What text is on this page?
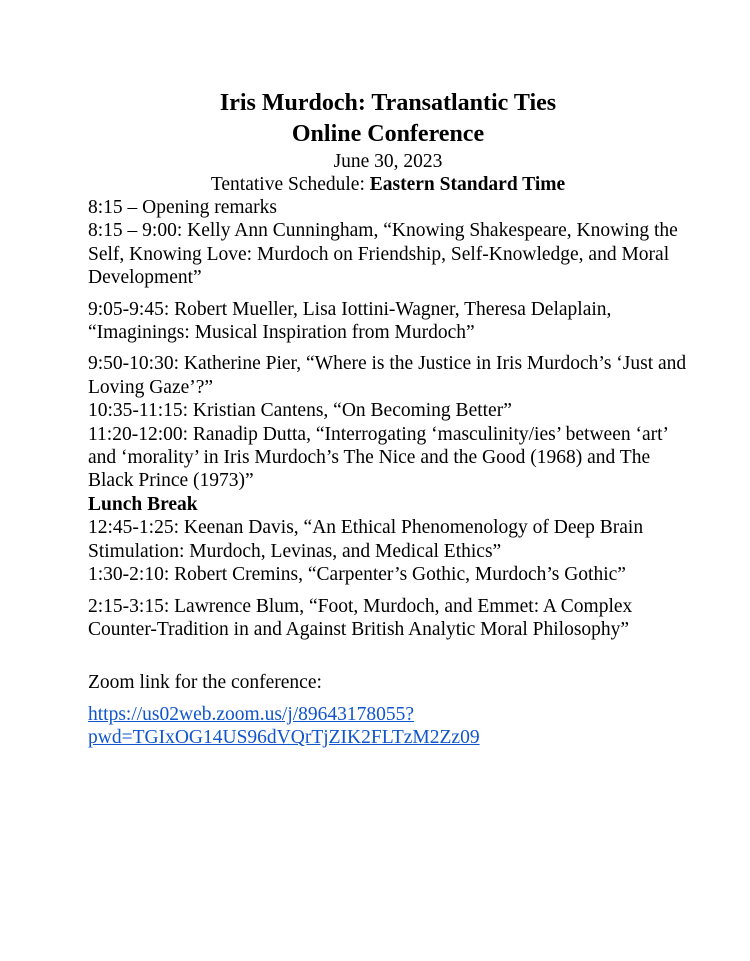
Iris Murdoch: Transatlantic Ties
Online Conference
June 30, 2023
Tentative Schedule: Eastern Standard Time

8:15 – Opening remarks

8:15 – 9:00: Kelly Ann Cunningham, “Knowing Shakespeare, Knowing the Self, Knowing Love: Murdoch on Friendship, Self-Knowledge, and Moral Development”

9:05-9:45: Robert Mueller, Lisa Iottini-Wagner, Theresa Delaplain, “Imaginings: Musical Inspiration from Murdoch”

9:50-10:30: Katherine Pier, “Where is the Justice in Iris Murdoch’s ‘Just and Loving Gaze’?”

10:35-11:15: Kristian Cantens, “On Becoming Better”

11:20-12:00: Ranadip Dutta, “Interrogating ‘masculinity/ies’ between ‘art’ and ‘morality’ in Iris Murdoch’s The Nice and the Good (1968) and The Black Prince (1973)”

Lunch Break

12:45-1:25: Keenan Davis, “An Ethical Phenomenology of Deep Brain Stimulation: Murdoch, Levinas, and Medical Ethics”

1:30-2:10: Robert Cremins, “Carpenter’s Gothic, Murdoch’s Gothic”

2:15-3:15: Lawrence Blum, “Foot, Murdoch, and Emmet: A Complex Counter-Tradition in and Against British Analytic Moral Philosophy”

Zoom link for the conference:

https://us02web.zoom.us/j/89643178055?
pwd=TGIxOG14US96dVQrTjZIK2FLTzM2Zz09
